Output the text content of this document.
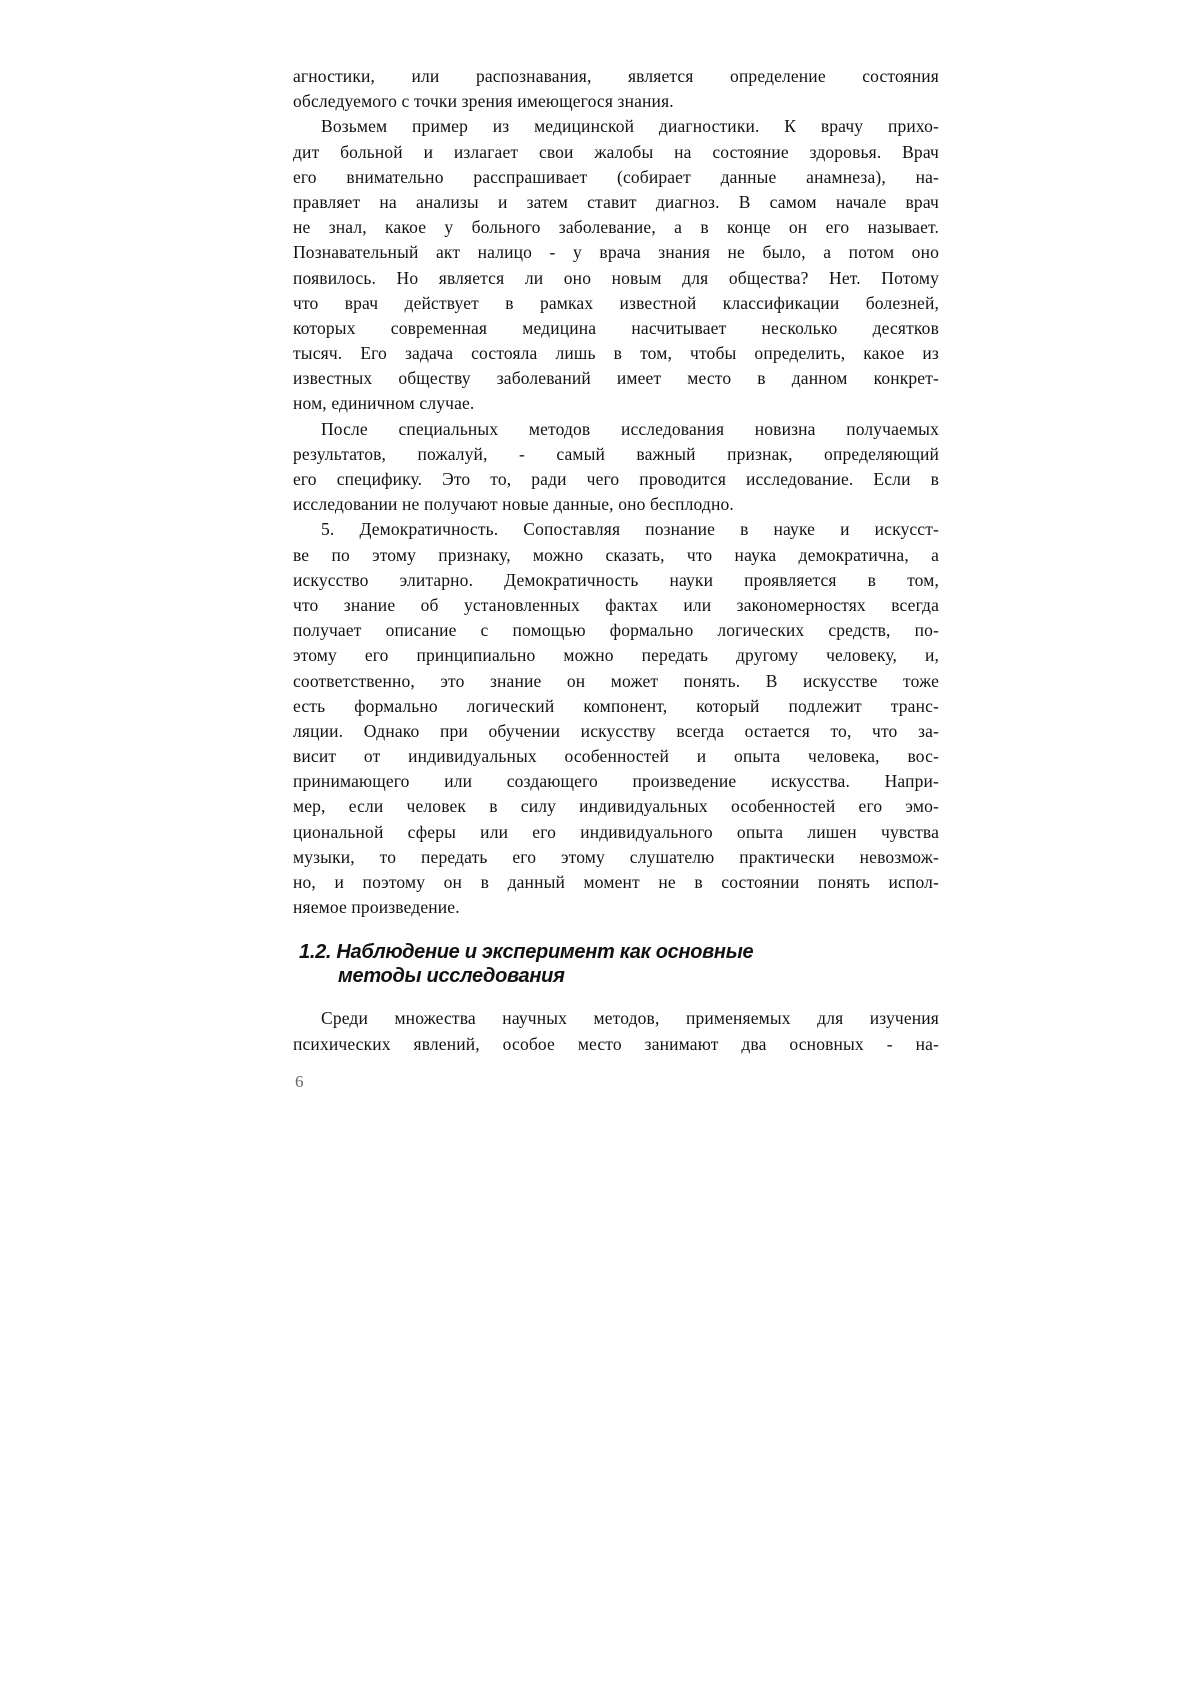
агностики, или распознавания, является определение состояния
обследуемого с точки зрения имеющегося знания.
Возьмем пример из медицинской диагностики. К врачу прихо-
дит больной и излагает свои жалобы на состояние здоровья. Врач
его внимательно расспрашивает (собирает данные анамнеза), на-
правляет на анализы и затем ставит диагноз. В самом начале врач
не знал, какое у больного заболевание, а в конце он его называет.
Познавательный акт налицо - у врача знания не было, а потом оно
появилось. Но является ли оно новым для общества? Нет. Потому
что врач действует в рамках известной классификации болезней,
которых современная медицина насчитывает несколько десятков
тысяч. Его задача состояла лишь в том, чтобы определить, какое из
известных обществу заболеваний имеет место в данном конкрет-
ном, единичном случае.
После специальных методов исследования новизна получаемых
результатов, пожалуй, - самый важный признак, определяющий
его специфику. Это то, ради чего проводится исследование. Если в
исследовании не получают новые данные, оно бесплодно.
5. Демократичность. Сопоставляя познание в науке и искусст-
ве по этому признаку, можно сказать, что наука демократична, а
искусство элитарно. Демократичность науки проявляется в том,
что знание об установленных фактах или закономерностях всегда
получает описание с помощью формально логических средств, по-
этому его принципиально можно передать другому человеку, и,
соответственно, это знание он может понять. В искусстве тоже
есть формально логический компонент, который подлежит транс-
ляции. Однако при обучении искусству всегда остается то, что за-
висит от индивидуальных особенностей и опыта человека, вос-
принимающего или создающего произведение искусства. Напри-
мер, если человек в силу индивидуальных особенностей его эмо-
циональной сферы или его индивидуального опыта лишен чувства
музыки, то передать его этому слушателю практически невозмож-
но, и поэтому он в данный момент не в состоянии понять испол-
няемое произведение.
1.2. Наблюдение и эксперимент как основные
методы исследования
Среди множества научных методов, применяемых для изучения
психических явлений, особое место занимают два основных - на-
6
